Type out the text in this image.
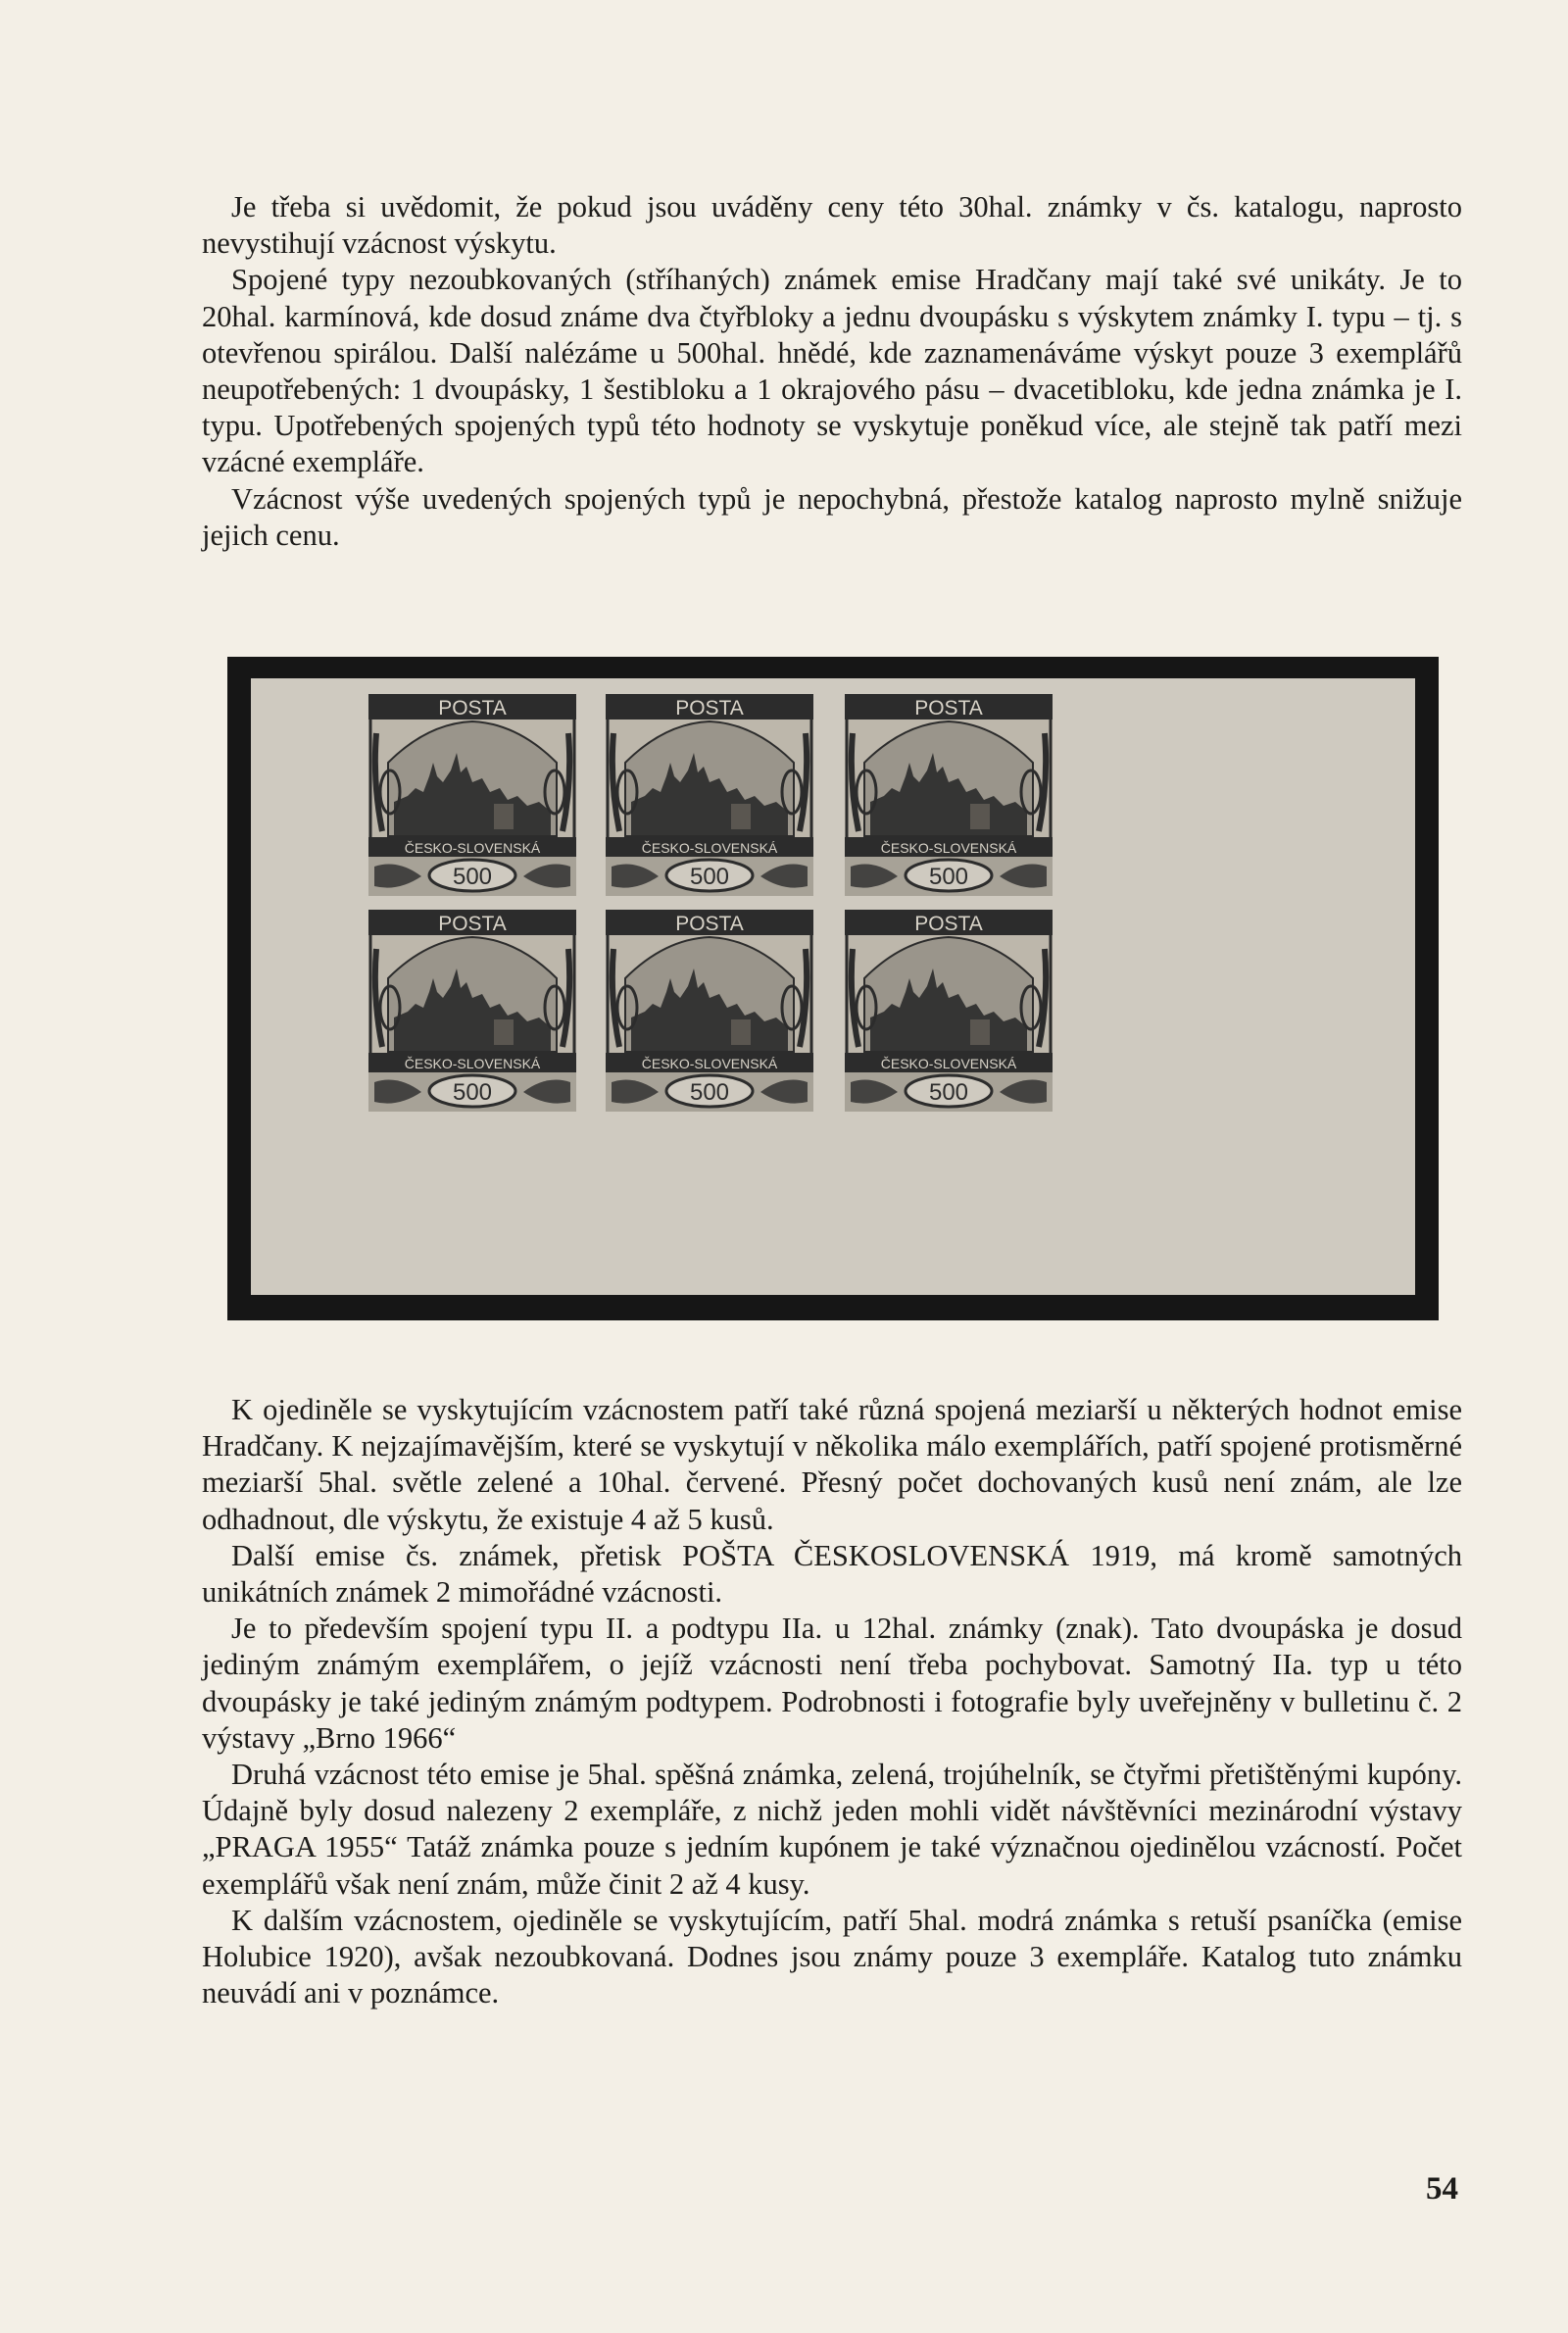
Je třeba si uvědomit, že pokud jsou uváděny ceny této 30hal. známky v čs. katalogu, naprosto nevystihují vzácnost výskytu.
Spojené typy nezoubkovaných (stříhaných) známek emise Hradčany mají také své unikáty. Je to 20hal. karmínová, kde dosud známe dva čtyřbloky a jednu dvoupásku s výskytem známky I. typu – tj. s otevřenou spirálou. Další nalézáme u 500hal. hnědé, kde zaznamenáváme výskyt pouze 3 exemplářů neupotřebených: 1 dvoupásky, 1 šestibloku a 1 okrajového pásu – dvacetibloku, kde jedna známka je I. typu. Upotřebených spojených typů této hodnoty se vyskytuje poněkud více, ale stejně tak patří mezi vzácné exempláře.
Vzácnost výše uvedených spojených typů je nepochybná, přestože katalog naprosto mylně snižuje jejich cenu.

POSTA
ČESKO-SLOVENSKÁ
500
POSTA
ČESKO-SLOVENSKÁ
500
POSTA
ČESKO-SLOVENSKÁ
500
POSTA
ČESKO-SLOVENSKÁ
500
POSTA
ČESKO-SLOVENSKÁ
500
POSTA
ČESKO-SLOVENSKÁ
500

K ojediněle se vyskytujícím vzácnostem patří také různá spojená meziarší u některých hodnot emise Hradčany. K nejzajímavějším, které se vyskytují v několika málo exemplářích, patří spojené protisměrné meziarší 5hal. světle zelené a 10hal. červené. Přesný počet dochovaných kusů není znám, ale lze odhadnout, dle výskytu, že existuje 4 až 5 kusů.
Další emise čs. známek, přetisk POŠTA ČESKOSLOVENSKÁ 1919, má kromě samotných unikátních známek 2 mimořádné vzácnosti.
Je to především spojení typu II. a podtypu IIa. u 12hal. známky (znak). Tato dvoupáska je dosud jediným známým exemplářem, o jejíž vzácnosti není třeba pochybovat. Samotný IIa. typ u této dvoupásky je také jediným známým podtypem. Podrobnosti i fotografie byly uveřejněny v bulletinu č. 2 výstavy „Brno 1966“
Druhá vzácnost této emise je 5hal. spěšná známka, zelená, trojúhelník, se čtyřmi přetištěnými kupóny. Údajně byly dosud nalezeny 2 exempláře, z nichž jeden mohli vidět návštěvníci mezinárodní výstavy „PRAGA 1955“ Tatáž známka pouze s jedním kupónem je také význačnou ojedinělou vzácností. Počet exemplářů však není znám, může činit 2 až 4 kusy.
K dalším vzácnostem, ojediněle se vyskytujícím, patří 5hal. modrá známka s retuší psaníčka (emise Holubice 1920), avšak nezoubkovaná. Dodnes jsou známy pouze 3 exempláře. Katalog tuto známku neuvádí ani v poznámce.

54
